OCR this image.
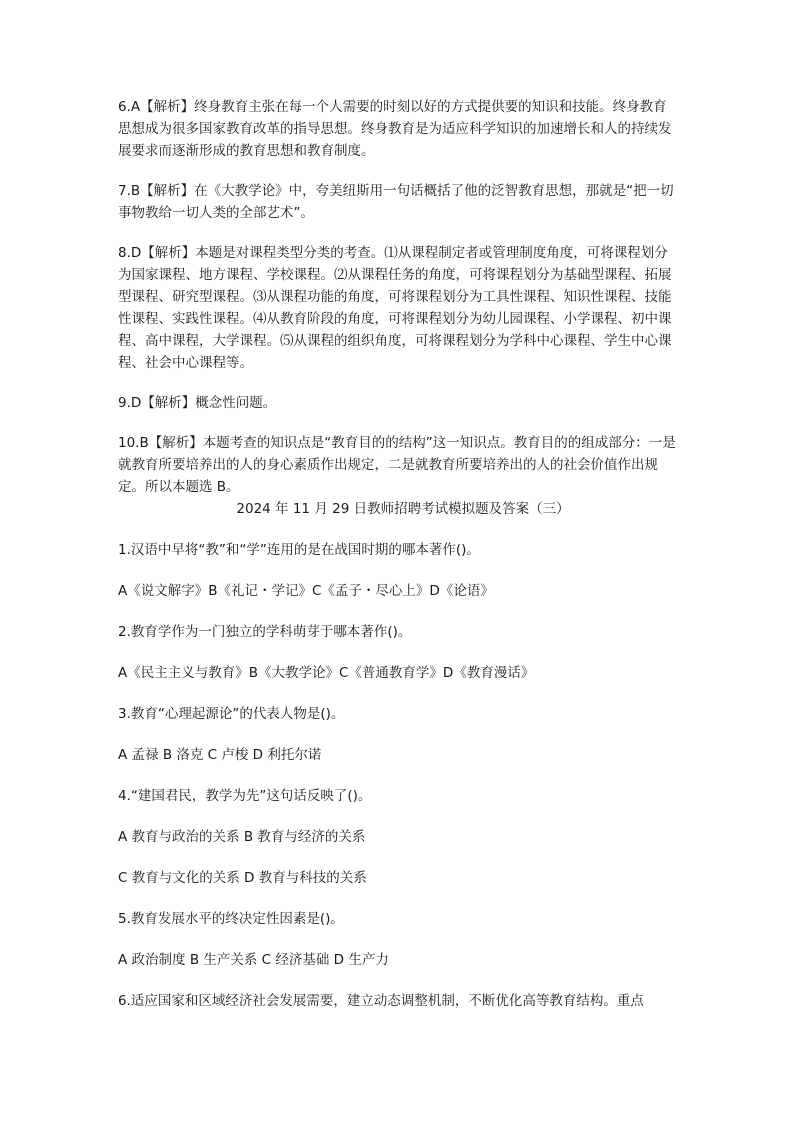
6.A【解析】终身教育主张在每一个人需要的时刻以好的方式提供要的知识和技能。终身教育思想成为很多国家教育改革的指导思想。终身教育是为适应科学知识的加速增长和人的持续发展要求而逐渐形成的教育思想和教育制度。

7.B【解析】在《大教学论》中，夸美纽斯用一句话概括了他的泛智教育思想，那就是“把一切事物教给一切人类的全部艺术”。

8.D【解析】本题是对课程类型分类的考查。⑴从课程制定者或管理制度角度，可将课程划分为国家课程、地方课程、学校课程。⑵从课程任务的角度，可将课程划分为基础型课程、拓展型课程、研究型课程。⑶从课程功能的角度，可将课程划分为工具性课程、知识性课程、技能性课程、实践性课程。⑷从教育阶段的角度，可将课程划分为幼儿园课程、小学课程、初中课程、高中课程，大学课程。⑸从课程的组织角度，可将课程划分为学科中心课程、学生中心课程、社会中心课程等。

9.D【解析】概念性问题。

10.B【解析】本题考查的知识点是“教育目的的结构”这一知识点。教育目的的组成部分：一是就教育所要培养出的人的身心素质作出规定，二是就教育所要培养出的人的社会价值作出规定。所以本题选 B。

2024 年 11 月 29 日教师招聘考试模拟题及答案（三）

1.汉语中早将“教”和“学”连用的是在战国时期的哪本著作()。

A《说文解字》B《礼记・学记》C《孟子・尽心上》D《论语》

2.教育学作为一门独立的学科萌芽于哪本著作()。

A《民主主义与教育》B《大教学论》C《普通教育学》D《教育漫话》

3.教育“心理起源论”的代表人物是()。

A 孟禄 B 洛克 C 卢梭 D 利托尔诺

4.“建国君民，教学为先”这句话反映了()。

A 教育与政治的关系 B 教育与经济的关系

C 教育与文化的关系 D 教育与科技的关系

5.教育发展水平的终决定性因素是()。

A 政治制度 B 生产关系 C 经济基础 D 生产力

6.适应国家和区域经济社会发展需要，建立动态调整机制，不断优化高等教育结构。重点
